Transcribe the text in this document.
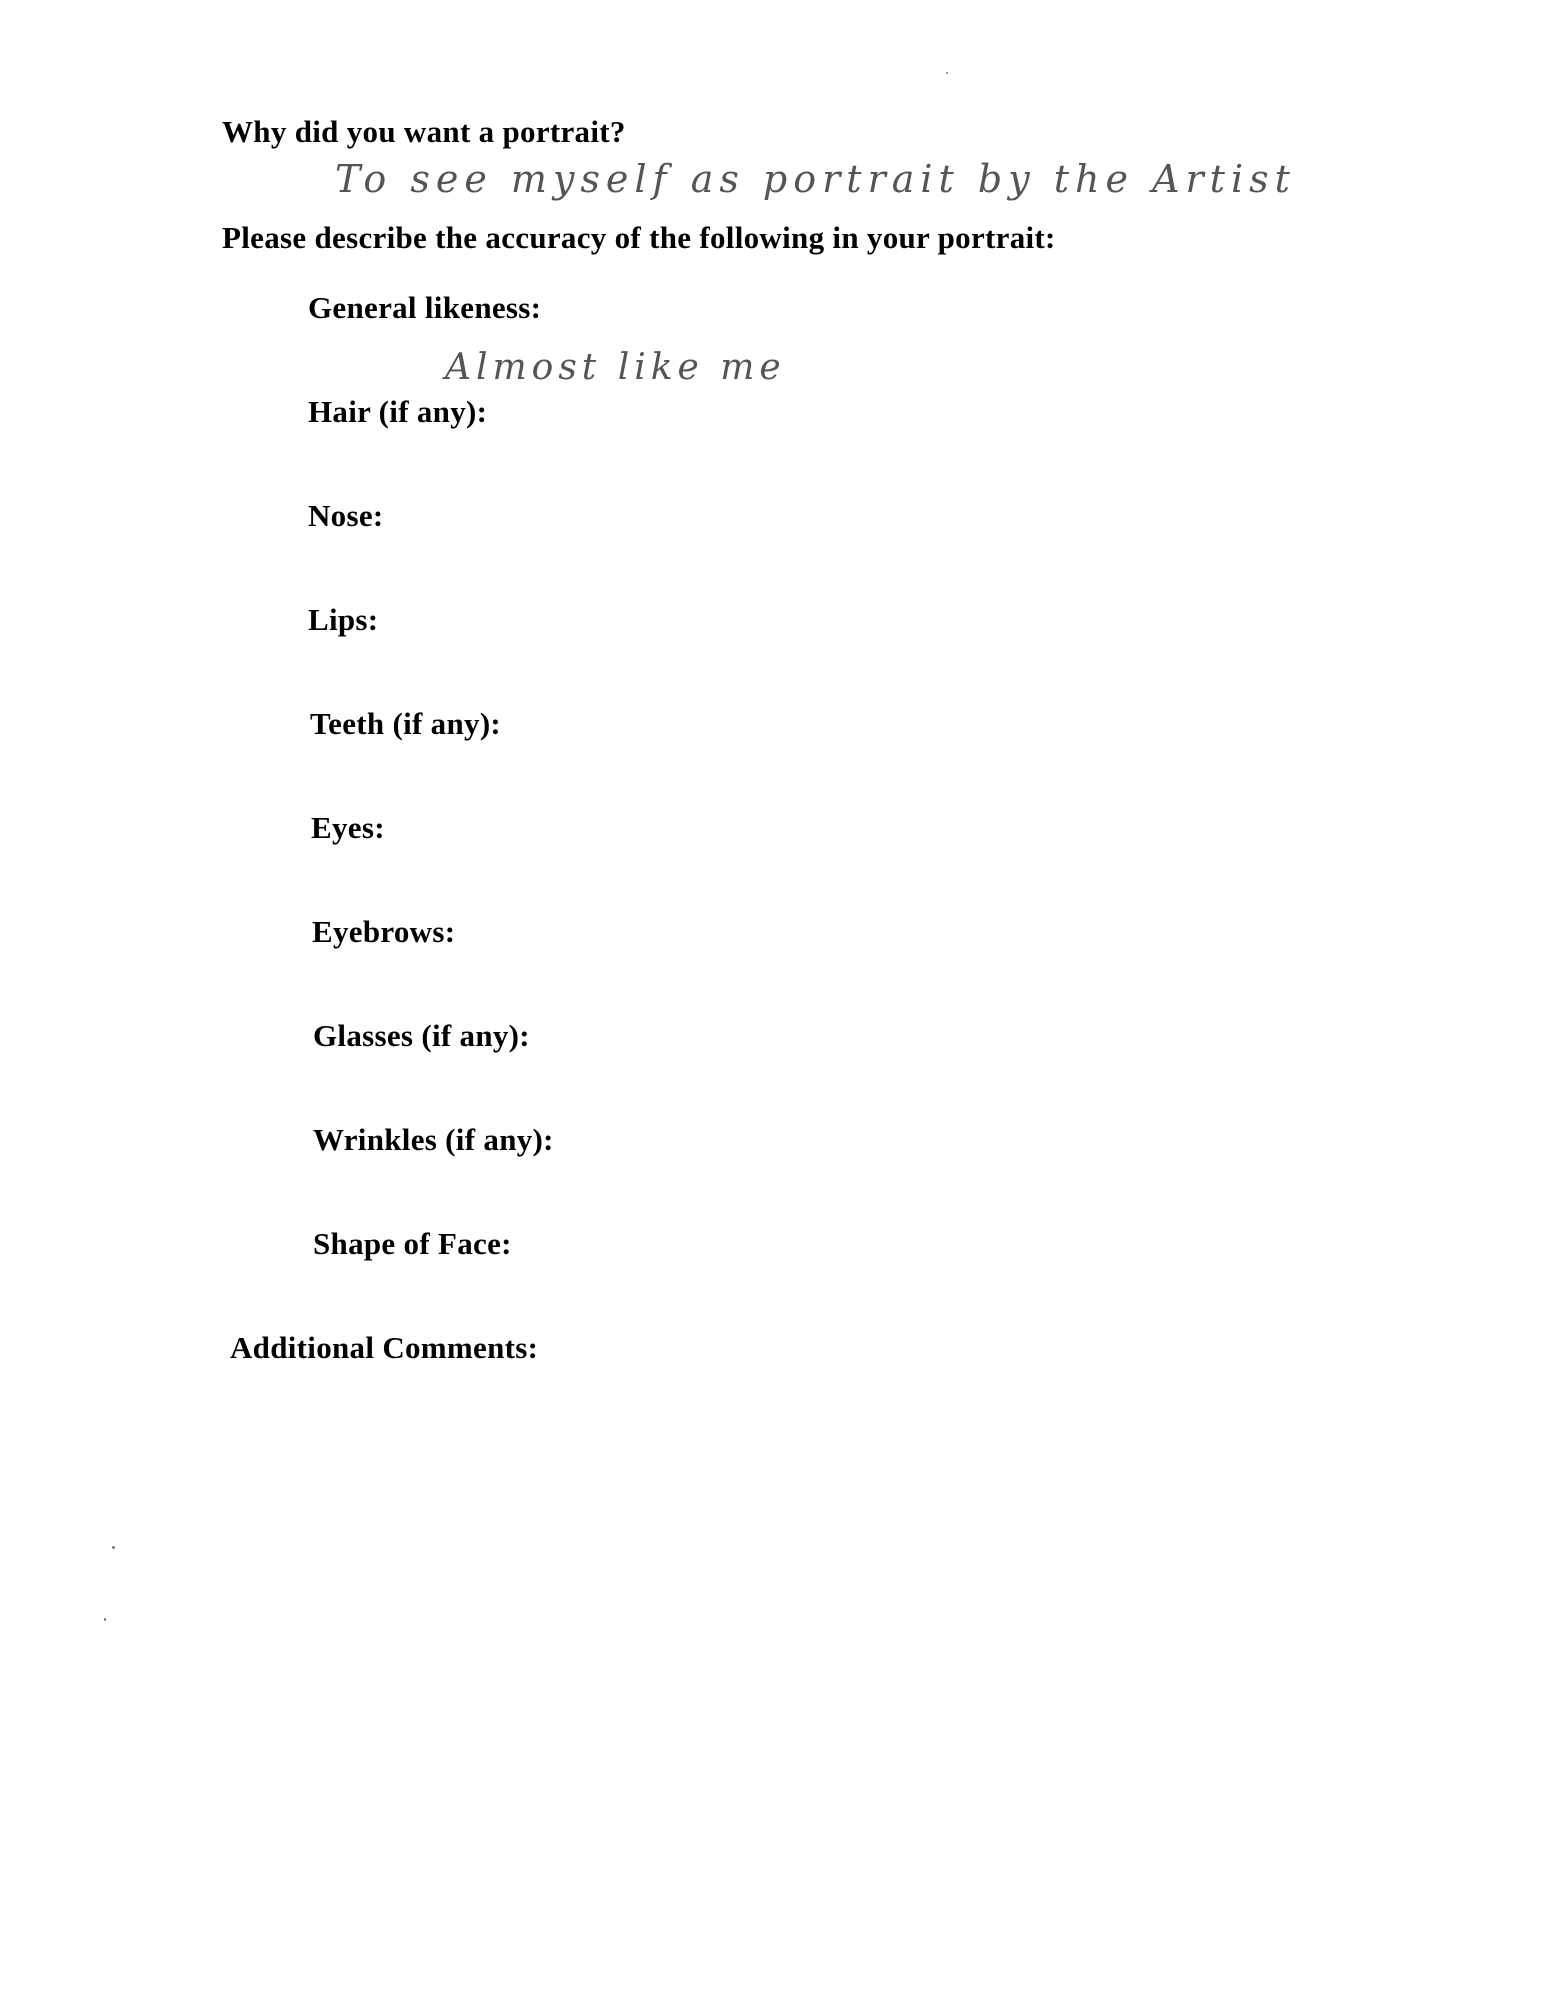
Why did you want a portrait?
To see myself as portrait by the Artist
Please describe the accuracy of the following in your portrait:
General likeness:
Almost like me
Hair (if any):
Nose:
Lips:
Teeth (if any):
Eyes:
Eyebrows:
Glasses (if any):
Wrinkles (if any):
Shape of Face:
Additional Comments:
